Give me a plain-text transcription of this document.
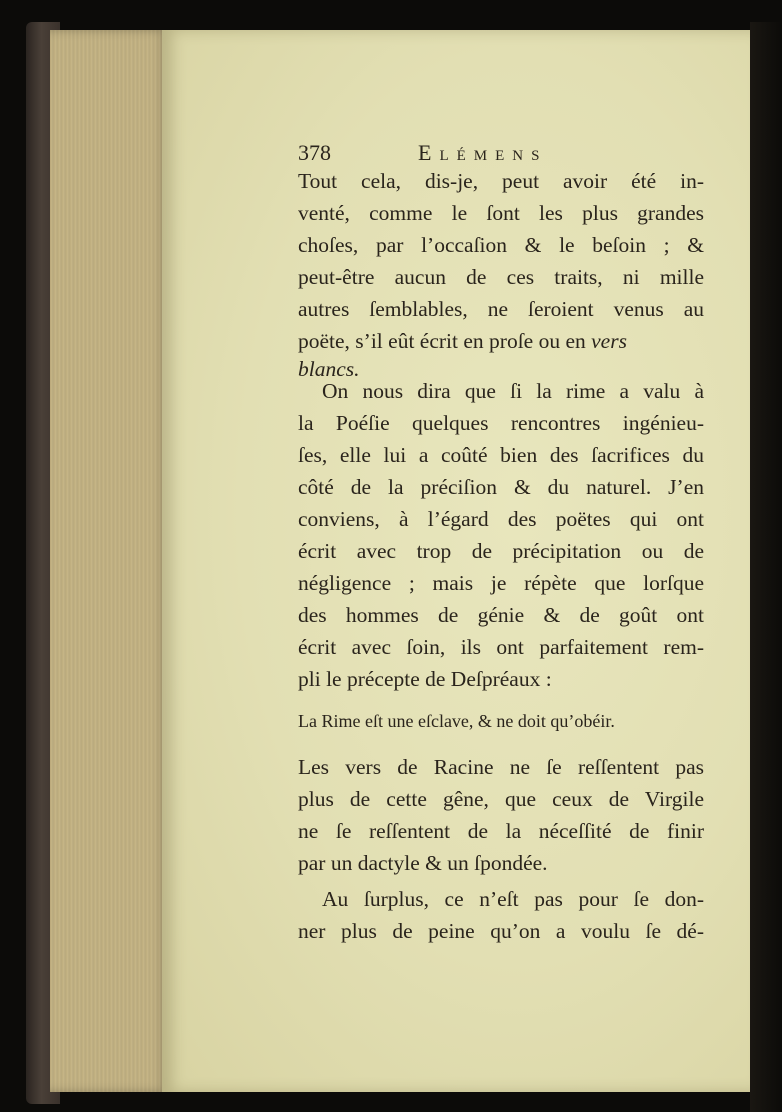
378	Elémens
Tout cela, dis-je, peut avoir été in-
venté, comme le ſont les plus grandes
choſes, par l’occaſion & le beſoin ; &
peut-être aucun de ces traits, ni mille
autres ſemblables, ne ſeroient venus au
poëte, s’il eût écrit en proſe ou en vers
blancs.
On nous dira que ſi la rime a valu à
la Poéſie quelques rencontres ingénieu-
ſes, elle lui a coûté bien des ſacrifices du
côté de la préciſion & du naturel. J’en
conviens, à l’égard des poëtes qui ont
écrit avec trop de précipitation ou de
négligence ; mais je répète que lorſque
des hommes de génie & de goût ont
écrit avec ſoin, ils ont parfaitement rem-
pli le précepte de Deſpréaux :
La Rime eſt une eſclave, & ne doit qu’obéir.
Les vers de Racine ne ſe reſſentent pas
plus de cette gêne, que ceux de Virgile
ne ſe reſſentent de la néceſſité de finir
par un dactyle & un ſpondée.
Au ſurplus, ce n’eſt pas pour ſe don-
ner plus de peine qu’on a voulu ſe dé-
